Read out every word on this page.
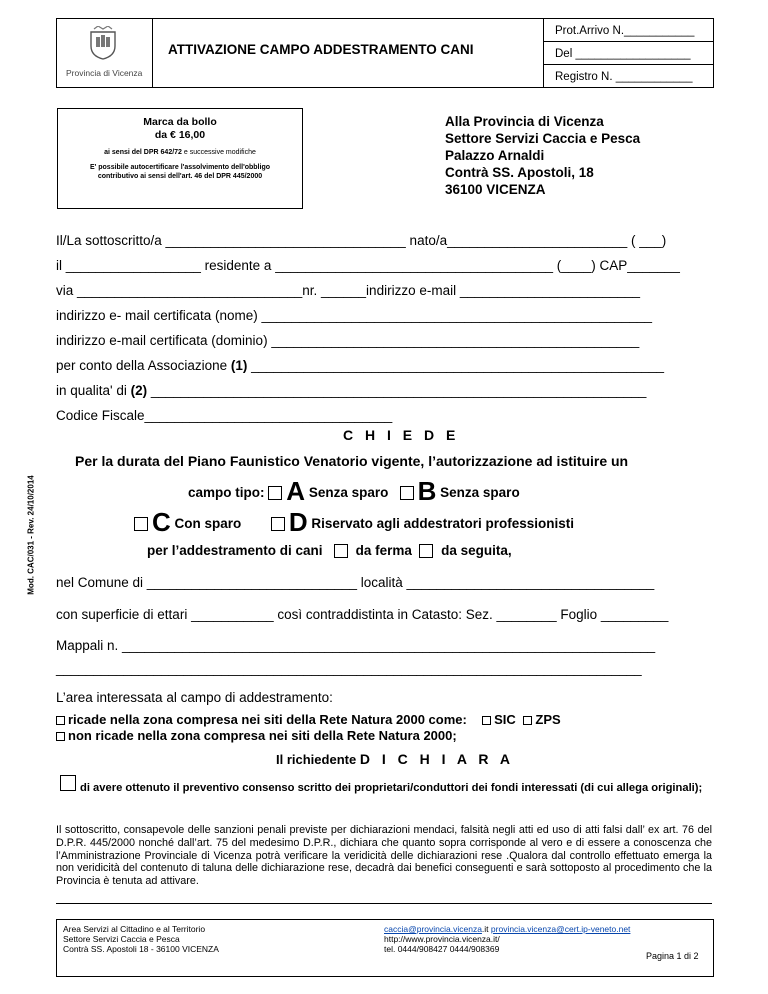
Provincia di Vicenza
ATTIVAZIONE CAMPO ADDESTRAMENTO CANI
Prot.Arrivo N.___________
Del __________________
Registro N. ____________
Marca da bollo
da € 16,00
ai sensi del DPR 642/72 e successive modifiche
E' possibile autocertificare l'assolvimento dell'obbligo contributivo ai sensi dell'art. 46 del DPR 445/2000
Alla Provincia di Vicenza
Settore Servizi Caccia e Pesca
Palazzo Arnaldi
Contrà SS. Apostoli, 18
36100 VICENZA
Il/La sottoscritto/a ________________________________ nato/a________________________ ( ___)
il __________________ residente a _____________________________________ (____) CAP_______
via ______________________________nr. ______indirizzo e-mail ________________________
indirizzo e- mail certificata (nome) ____________________________________________________
indirizzo e-mail certificata (dominio) _________________________________________________
per conto della Associazione (1) _______________________________________________________
in qualita' di (2) __________________________________________________________________
Codice Fiscale_________________________________
Mod. CAC/031 - Rev. 24/10/2014
C H I E D E
Per la durata del Piano Faunistico Venatorio vigente, l’autorizzazione ad istituire un
campo tipo: A Senza sparo B Senza sparo
C Con sparo D Riservato agli addestratori professionisti
per l’addestramento di cani da ferma da seguita,
nel Comune di ____________________________ località _________________________________
con superficie di ettari ___________ così contraddistinta in Catasto: Sez. ________ Foglio _________
Mappali n. _______________________________________________________________________
______________________________________________________________________________
L’area interessata al campo di addestramento:
ricade nella zona compresa nei siti della Rete Natura 2000 come: SIC ZPS
non ricade nella zona compresa nei siti della Rete Natura 2000;
Il richiedente D I C H I A R A
di avere ottenuto il preventivo consenso scritto dei proprietari/conduttori dei fondi interessati (di cui allega originali);
Il sottoscritto, consapevole delle sanzioni penali previste per dichiarazioni mendaci, falsità negli atti ed uso di atti falsi dall’ ex art. 76 del D.P.R. 445/2000 nonché dall’art. 75 del medesimo D.P.R., dichiara che quanto sopra corrisponde al vero e di essere a conoscenza che l’Amministrazione Provinciale di Vicenza potrà verificare la veridicità delle dichiarazioni rese .Qualora dal controllo effettuato emerga la non veridicità del contenuto di taluna delle dichiarazione rese, decadrà dai benefici conseguenti e sarà sottoposto al procedimento che la Provincia è tenuta ad attivare.
Area Servizi al Cittadino e al Territorio
Settore Servizi Caccia e Pesca
Contrà SS. Apostoli 18 - 36100 VICENZA
caccia@provincia.vicenza.it provincia.vicenza@cert.ip-veneto.net
http://www.provincia.vicenza.it/
tel. 0444/908427 0444/908369
Pagina 1 di 2
